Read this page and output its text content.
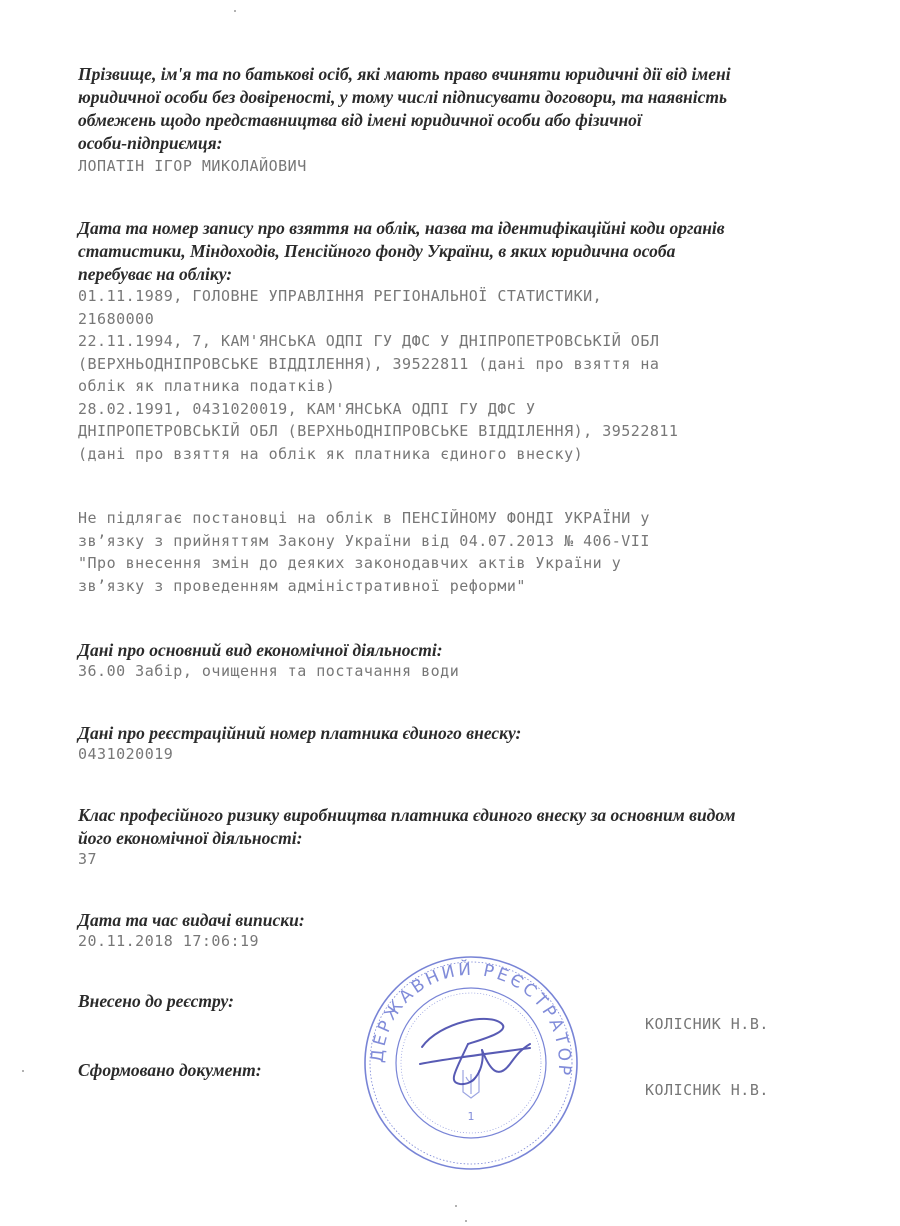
Прізвище, ім'я та по батькові осіб, які мають право вчиняти юридичні дії від імені
юридичної особи без довіреності, у тому числі підписувати договори, та наявність
обмежень щодо представництва від імені юридичної особи або фізичної
особи-підприємця:
ЛОПАТІН ІГОР МИКОЛАЙОВИЧ
Дата та номер запису про взяття на облік, назва та ідентифікаційні коди органів
статистики, Міндоходів, Пенсійного фонду України, в яких юридична особа
перебуває на обліку:
01.11.1989, ГОЛОВНЕ УПРАВЛІННЯ РЕГІОНАЛЬНОЇ СТАТИСТИКИ,
21680000
22.11.1994, 7, КАМ'ЯНСЬКА ОДПІ ГУ ДФС У ДНІПРОПЕТРОВСЬКІЙ ОБЛ
(ВЕРХНЬОДНІПРОВСЬКЕ ВІДДІЛЕННЯ), 39522811 (дані про взяття на
облік як платника податків)
28.02.1991, 0431020019, КАМ'ЯНСЬКА ОДПІ ГУ ДФС У
ДНІПРОПЕТРОВСЬКІЙ ОБЛ (ВЕРХНЬОДНІПРОВСЬКЕ ВІДДІЛЕННЯ), 39522811
(дані про взяття на облік як платника єдиного внеску)
Не підлягає постановці на облік в ПЕНСІЙНОМУ ФОНДІ УКРАЇНИ у
зв’язку з прийняттям Закону України від 04.07.2013 № 406-VII
"Про внесення змін до деяких законодавчих актів України у
зв’язку з проведенням адміністративної реформи"
Дані про основний вид економічної діяльності:
36.00 Забір, очищення та постачання води
Дані про реєстраційний номер платника єдиного внеску:
0431020019
Клас професійного ризику виробництва платника єдиного внеску за основним видом
його економічної діяльності:
37
Дата та час видачі виписки:
20.11.2018 17:06:19
Внесено до реєстру:
КОЛІСНИК Н.В.
Сформовано документ:
КОЛІСНИК Н.В.
ДЕРЖАВНИЙ РЕЄСТРАТОР
1
